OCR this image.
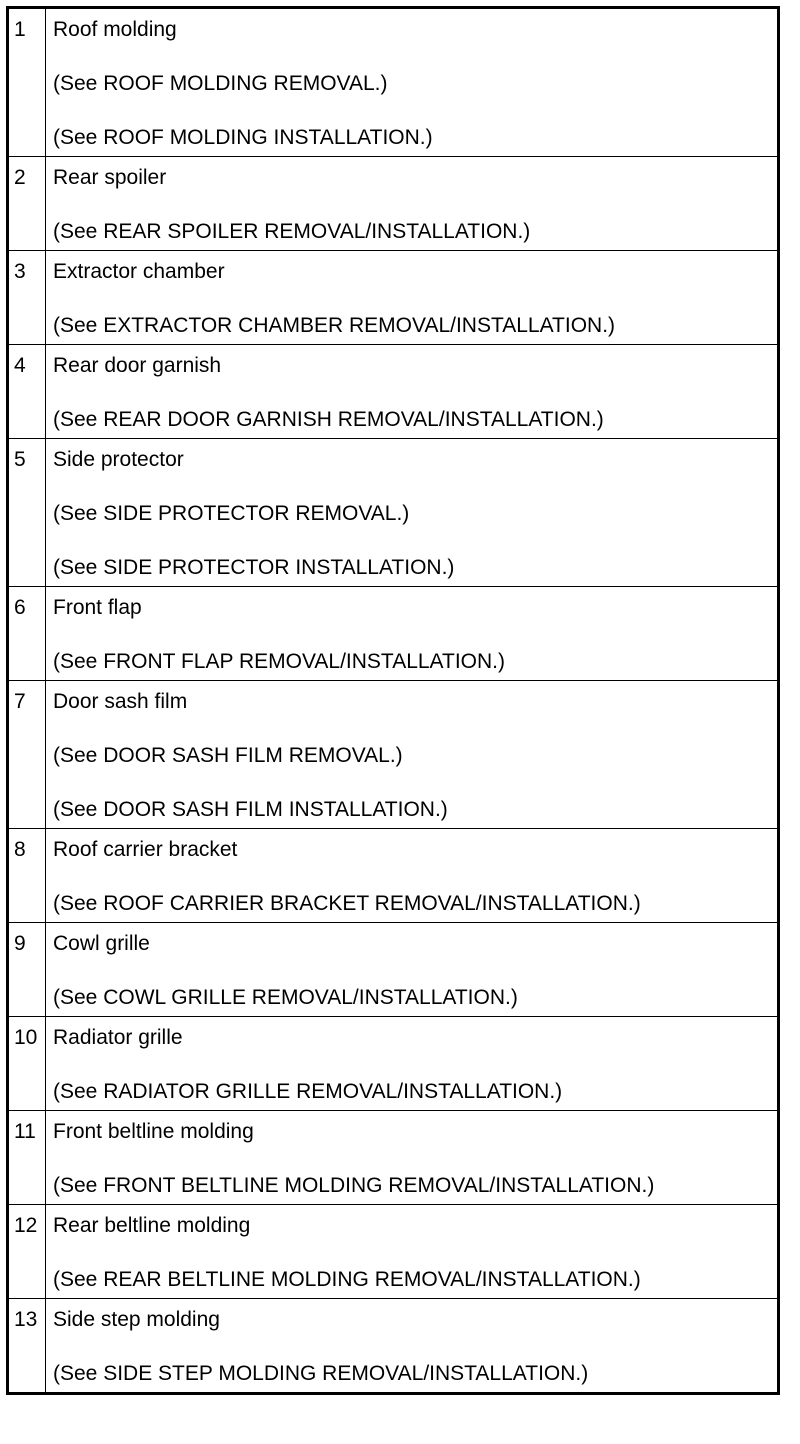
1	Roof molding
(See ROOF MOLDING REMOVAL.)
(See ROOF MOLDING INSTALLATION.)

2	Rear spoiler
(See REAR SPOILER REMOVAL/INSTALLATION.)

3	Extractor chamber
(See EXTRACTOR CHAMBER REMOVAL/INSTALLATION.)

4	Rear door garnish
(See REAR DOOR GARNISH REMOVAL/INSTALLATION.)

5	Side protector
(See SIDE PROTECTOR REMOVAL.)
(See SIDE PROTECTOR INSTALLATION.)

6	Front flap
(See FRONT FLAP REMOVAL/INSTALLATION.)

7	Door sash film
(See DOOR SASH FILM REMOVAL.)
(See DOOR SASH FILM INSTALLATION.)

8	Roof carrier bracket
(See ROOF CARRIER BRACKET REMOVAL/INSTALLATION.)

9	Cowl grille
(See COWL GRILLE REMOVAL/INSTALLATION.)

10	Radiator grille
(See RADIATOR GRILLE REMOVAL/INSTALLATION.)

11	Front beltline molding
(See FRONT BELTLINE MOLDING REMOVAL/INSTALLATION.)

12	Rear beltline molding
(See REAR BELTLINE MOLDING REMOVAL/INSTALLATION.)

13	Side step molding
(See SIDE STEP MOLDING REMOVAL/INSTALLATION.)
